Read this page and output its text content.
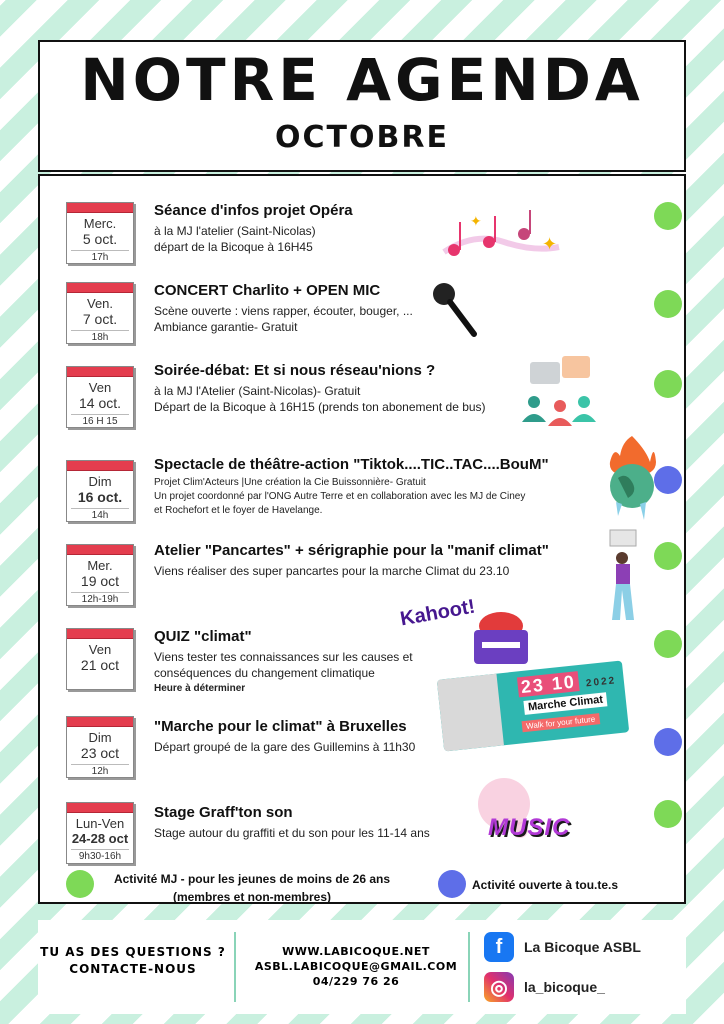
NOTRE AGENDA
OCTOBRE
Merc.
5 oct.
17h
Séance d'infos projet Opéra
à la MJ l'atelier (Saint-Nicolas)
départ de la Bicoque à 16H45	✦
✦
Ven.
7 oct.
18h
CONCERT Charlito + OPEN MIC
Scène ouverte : viens rapper, écouter, bouger, ...
Ambiance garantie- Gratuit
Ven
14 oct.
16 H 15
Soirée-débat: Et si nous réseau'nions ?
à la MJ l'Atelier (Saint-Nicolas)- Gratuit
Départ de la Bicoque à 16H15 (prends ton abonement de bus)
Dim
16 oct.
14h
Spectacle de théâtre-action "Tiktok....TIC..TAC....BouM"
Projet Clim'Acteurs |Une création la Cie Buissonnière- Gratuit
Un projet coordonné par l'ONG Autre Terre et en collaboration avec les MJ de Ciney
et Rochefort et le foyer de Havelange.
Mer.
19 oct
12h-19h
Atelier "Pancartes" + sérigraphie pour la "manif climat"
Viens réaliser des super pancartes pour la marche Climat du 23.10
Ven
21 oct
QUIZ "climat"
Viens tester tes connaissances sur les causes et
conséquences du changement climatique
Heure à déterminer
Kahoot!
Dim
23 oct
12h
"Marche pour le climat" à Bruxelles
Départ groupé de la gare des Guillemins à 11h30
23 10 2022
Marche Climat
Walk for your future
Lun-Ven
24-28 oct
9h30-16h
Stage Graff'ton son
Stage autour du graffiti et du son pour les 11-14 ans	MUSIC
Activité MJ - pour les jeunes de moins de 26 ans
(membres et non-membres)
Activité ouverte à tou.te.s
TU AS DES QUESTIONS ?
CONTACTE-NOUS
WWW.LABICOQUE.NET
ASBL.LABICOQUE@GMAIL.COM
04/229 76 26
f	La Bicoque ASBL
◎	la_bicoque_
